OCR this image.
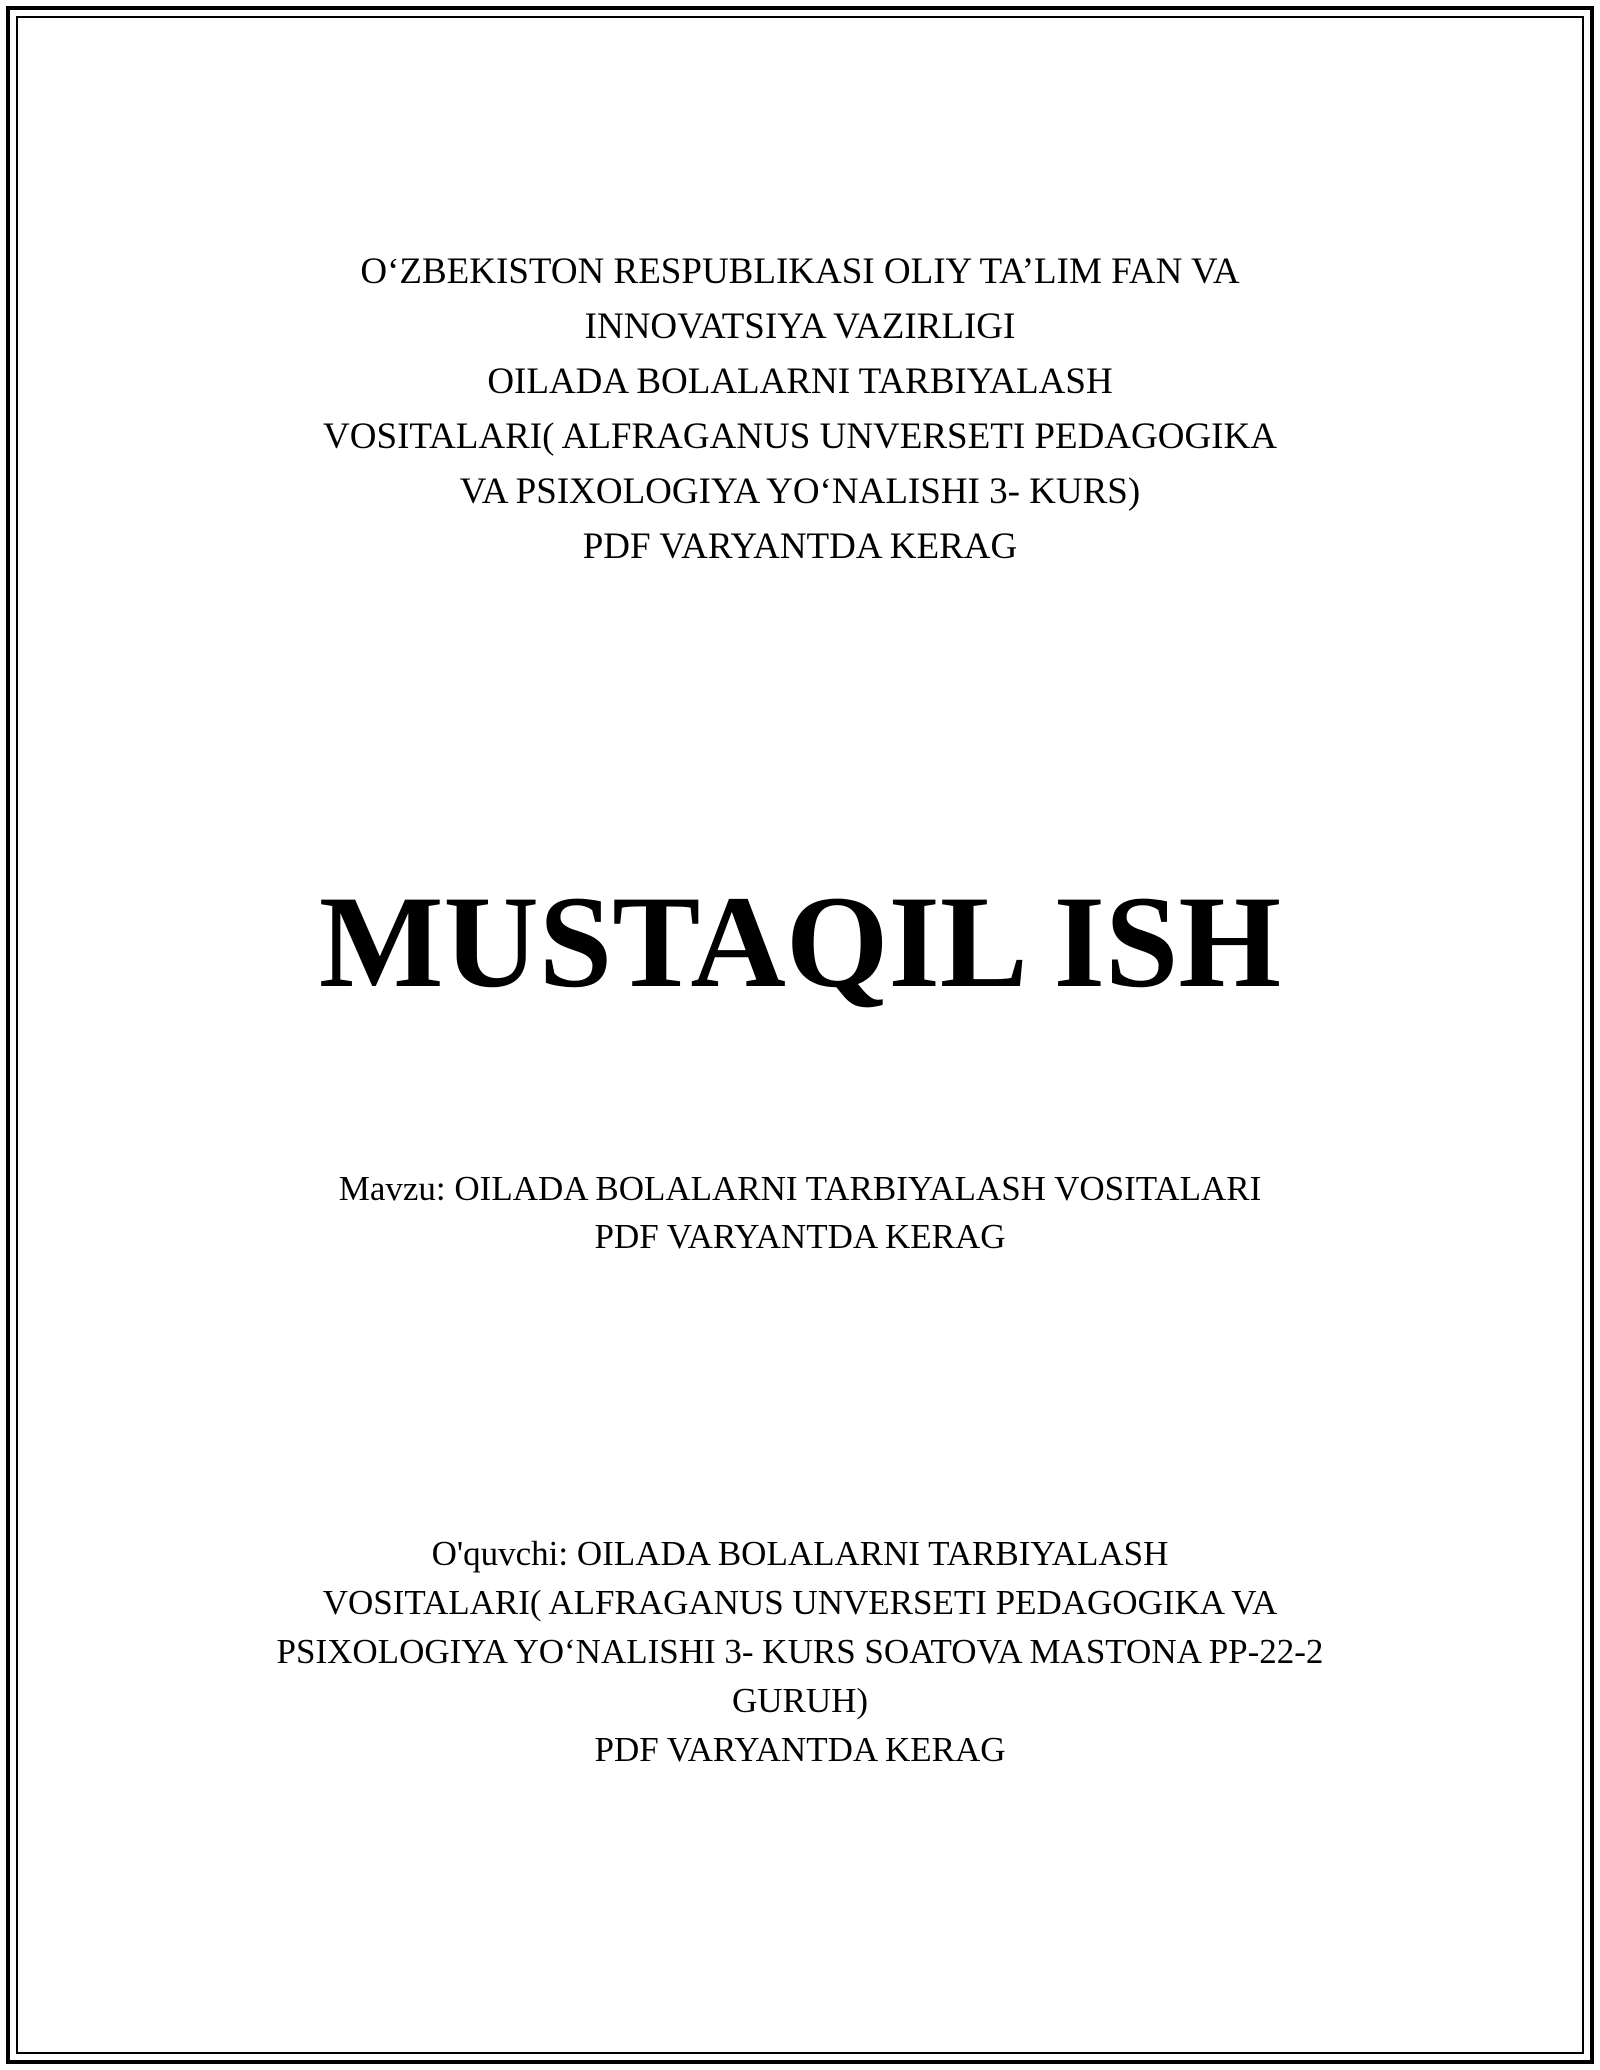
O‘ZBEKISTON RESPUBLIKASI OLIY TA’LIM FAN VA
INNOVATSIYA VAZIRLIGI
OILADA BOLALARNI TARBIYALASH
VOSITALARI( ALFRAGANUS UNVERSETI PEDAGOGIKA
VA PSIXOLOGIYA YO‘NALISHI 3- KURS)
PDF VARYANTDA KERAG
MUSTAQIL ISH
Mavzu: OILADA BOLALARNI TARBIYALASH VOSITALARI
PDF VARYANTDA KERAG
O'quvchi: OILADA BOLALARNI TARBIYALASH
VOSITALARI( ALFRAGANUS UNVERSETI PEDAGOGIKA VA
PSIXOLOGIYA YO‘NALISHI 3- KURS SOATOVA MASTONA PP-22-2
GURUH)
PDF VARYANTDA KERAG
